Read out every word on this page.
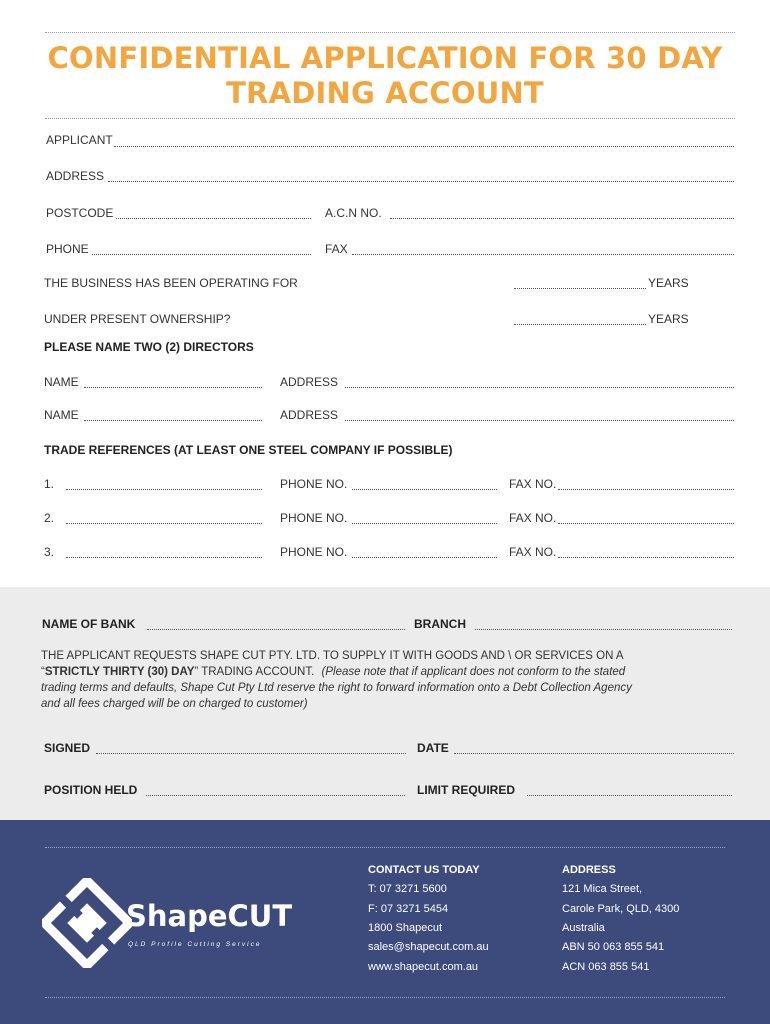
CONFIDENTIAL APPLICATION FOR 30 DAY
TRADING ACCOUNT
APPLICANT
ADDRESS
POSTCODE	A.C.N NO.
PHONE	FAX
THE BUSINESS HAS BEEN OPERATING FOR	YEARS
UNDER PRESENT OWNERSHIP?	YEARS
PLEASE NAME TWO (2) DIRECTORS
NAME	ADDRESS
NAME	ADDRESS
TRADE REFERENCES (AT LEAST ONE STEEL COMPANY IF POSSIBLE)
1.	PHONE NO.	FAX NO.
2.	PHONE NO.	FAX NO.
3.	PHONE NO.	FAX NO.
NAME OF BANK	BRANCH
THE APPLICANT REQUESTS SHAPE CUT PTY. LTD. TO SUPPLY IT WITH GOODS AND \ OR SERVICES ON A
“STRICTLY THIRTY (30) DAY” TRADING ACCOUNT. (Please note that if applicant does not conform to the stated
trading terms and defaults, Shape Cut Pty Ltd reserve the right to forward information onto a Debt Collection Agency
and all fees charged will be on charged to customer)
SIGNED	DATE
POSITION HELD	LIMIT REQUIRED
ShapeCUT
QLD Profile Cutting Service
CONTACT US TODAY
T: 07 3271 5600
F: 07 3271 5454
1800 Shapecut
sales@shapecut.com.au
www.shapecut.com.au
ADDRESS
121 Mica Street,
Carole Park, QLD, 4300
Australia
ABN 50 063 855 541
ACN 063 855 541
